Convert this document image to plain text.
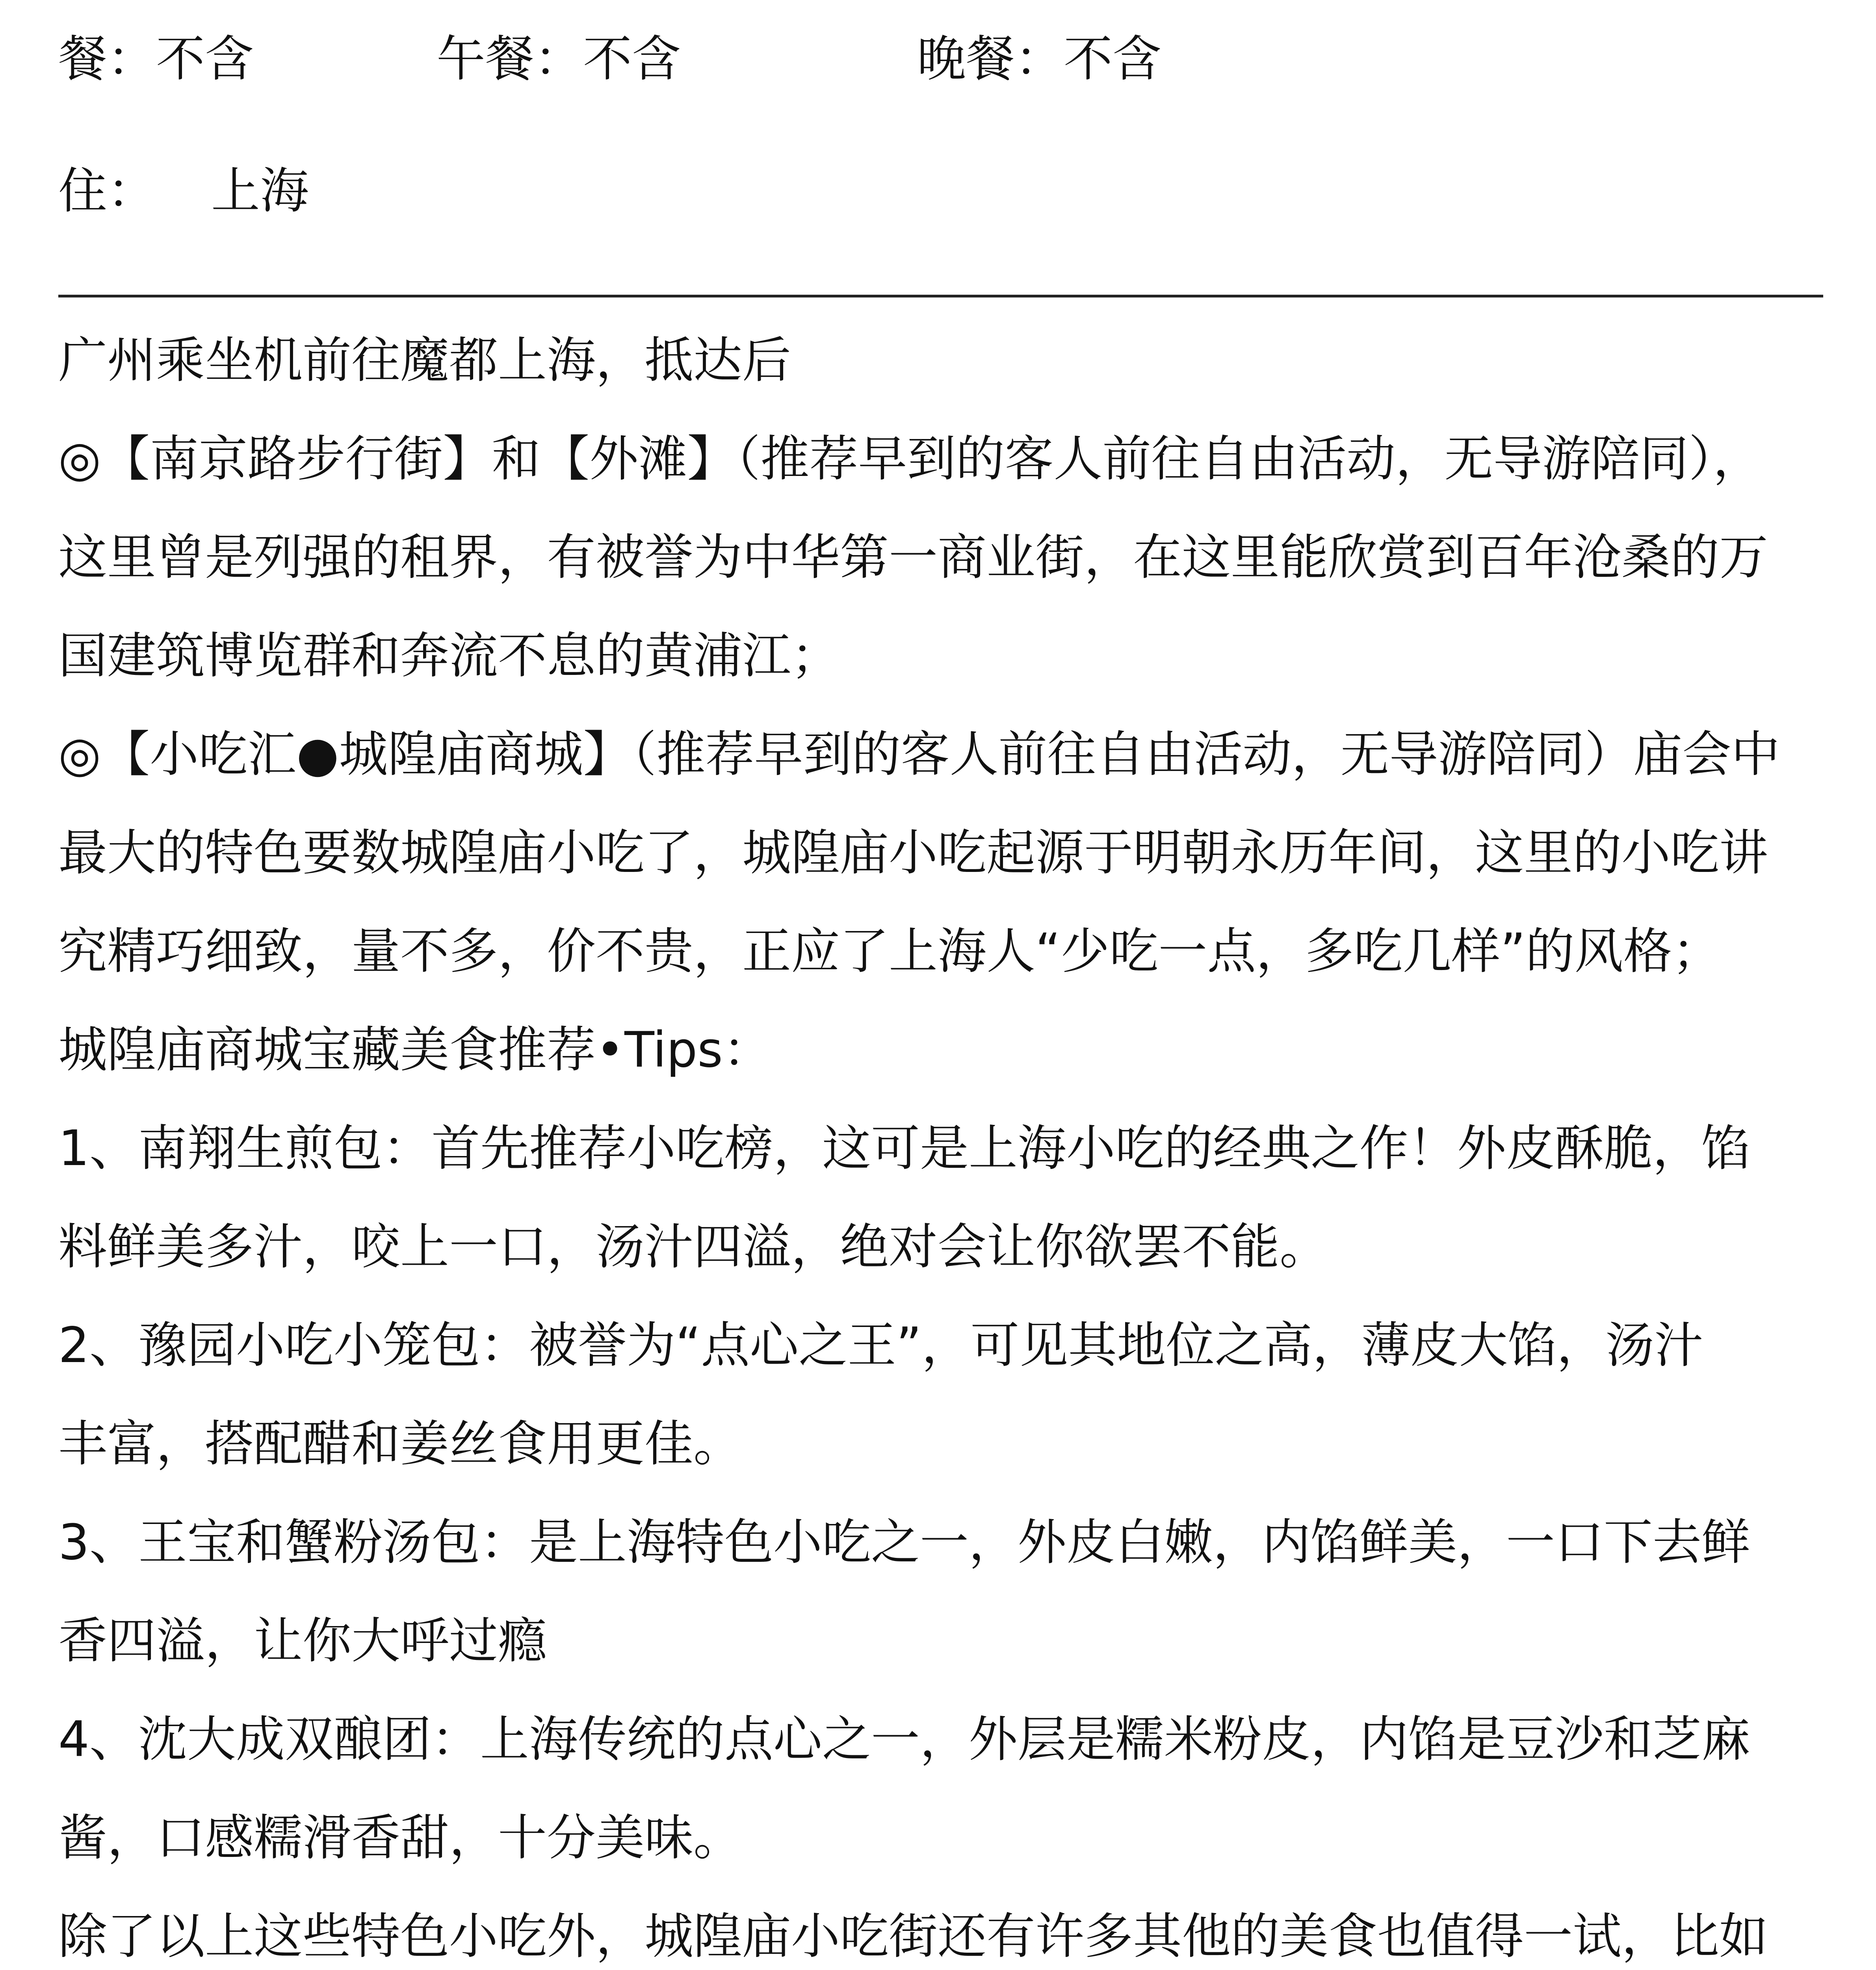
餐：不含	午餐：不含	晚餐：不含
住： 上海

广州乘坐机前往魔都上海，抵达后

◎【南京路步行街】和【外滩】（推荐早到的客人前往自由活动，无导游陪同），

这里曾是列强的租界，有被誉为中华第一商业街，在这里能欣赏到百年沧桑的万

国建筑博览群和奔流不息的黄浦江；

◎【小吃汇●城隍庙商城】（推荐早到的客人前往自由活动，无导游陪同）庙会中

最大的特色要数城隍庙小吃了，城隍庙小吃起源于明朝永历年间，这里的小吃讲

究精巧细致，量不多，价不贵，正应了上海人“少吃一点，多吃几样”的风格；

城隍庙商城宝藏美食推荐•Tips：

1、南翔生煎包：首先推荐小吃榜，这可是上海小吃的经典之作！外皮酥脆，馅

料鲜美多汁，咬上一口，汤汁四溢，绝对会让你欲罢不能。

2、豫园小吃小笼包：被誉为“点心之王”，可见其地位之高，薄皮大馅，汤汁

丰富，搭配醋和姜丝食用更佳。

3、王宝和蟹粉汤包：是上海特色小吃之一，外皮白嫩，内馅鲜美，一口下去鲜

香四溢，让你大呼过瘾

4、沈大成双酿团：上海传统的点心之一，外层是糯米粉皮，内馅是豆沙和芝麻

酱，口感糯滑香甜，十分美味。

除了以上这些特色小吃外，城隍庙小吃街还有许多其他的美食也值得一试，比如
